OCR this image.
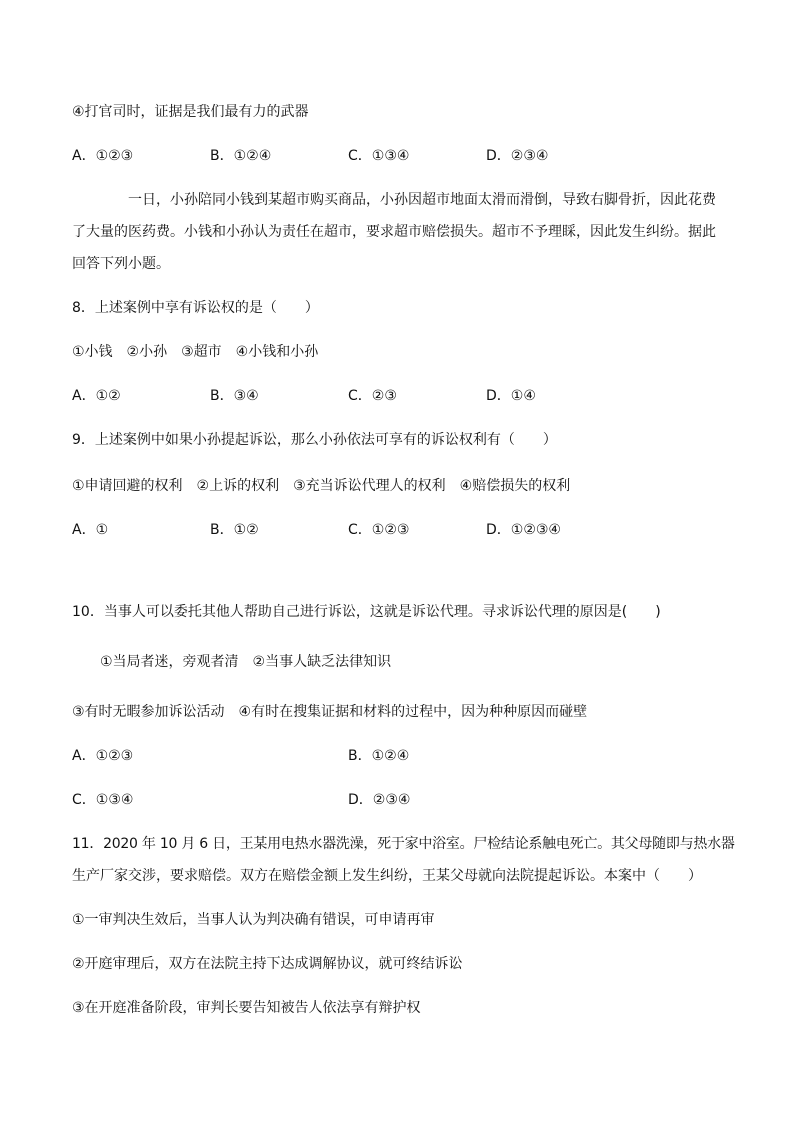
④打官司时，证据是我们最有力的武器
A．①②③	B．①②④	C．①③④	D．②③④
一日，小孙陪同小钱到某超市购买商品，小孙因超市地面太滑而滑倒，导致右脚骨折，因此花费
了大量的医药费。小钱和小孙认为责任在超市，要求超市赔偿损失。超市不予理睬，因此发生纠纷。据此
回答下列小题。
8．上述案例中享有诉讼权的是（　　）
①小钱　②小孙　③超市　④小钱和小孙
A．①②	B．③④	C．②③	D．①④
9．上述案例中如果小孙提起诉讼，那么小孙依法可享有的诉讼权利有（　　）
①申请回避的权利　②上诉的权利　③充当诉讼代理人的权利　④赔偿损失的权利
A．①	B．①②	C．①②③	D．①②③④
10．当事人可以委托其他人帮助自己进行诉讼，这就是诉讼代理。寻求诉讼代理的原因是(　　)
①当局者迷，旁观者清　②当事人缺乏法律知识
③有时无暇参加诉讼活动　④有时在搜集证据和材料的过程中，因为种种原因而碰壁
A．①②③	B．①②④
C．①③④	D．②③④
11．2020 年 10 月 6 日，王某用电热水器洗澡，死于家中浴室。尸检结论系触电死亡。其父母随即与热水器
生产厂家交涉，要求赔偿。双方在赔偿金额上发生纠纷，王某父母就向法院提起诉讼。本案中（　　）
①一审判决生效后，当事人认为判决确有错误，可申请再审
②开庭审理后，双方在法院主持下达成调解协议，就可终结诉讼
③在开庭准备阶段，审判长要告知被告人依法享有辩护权
